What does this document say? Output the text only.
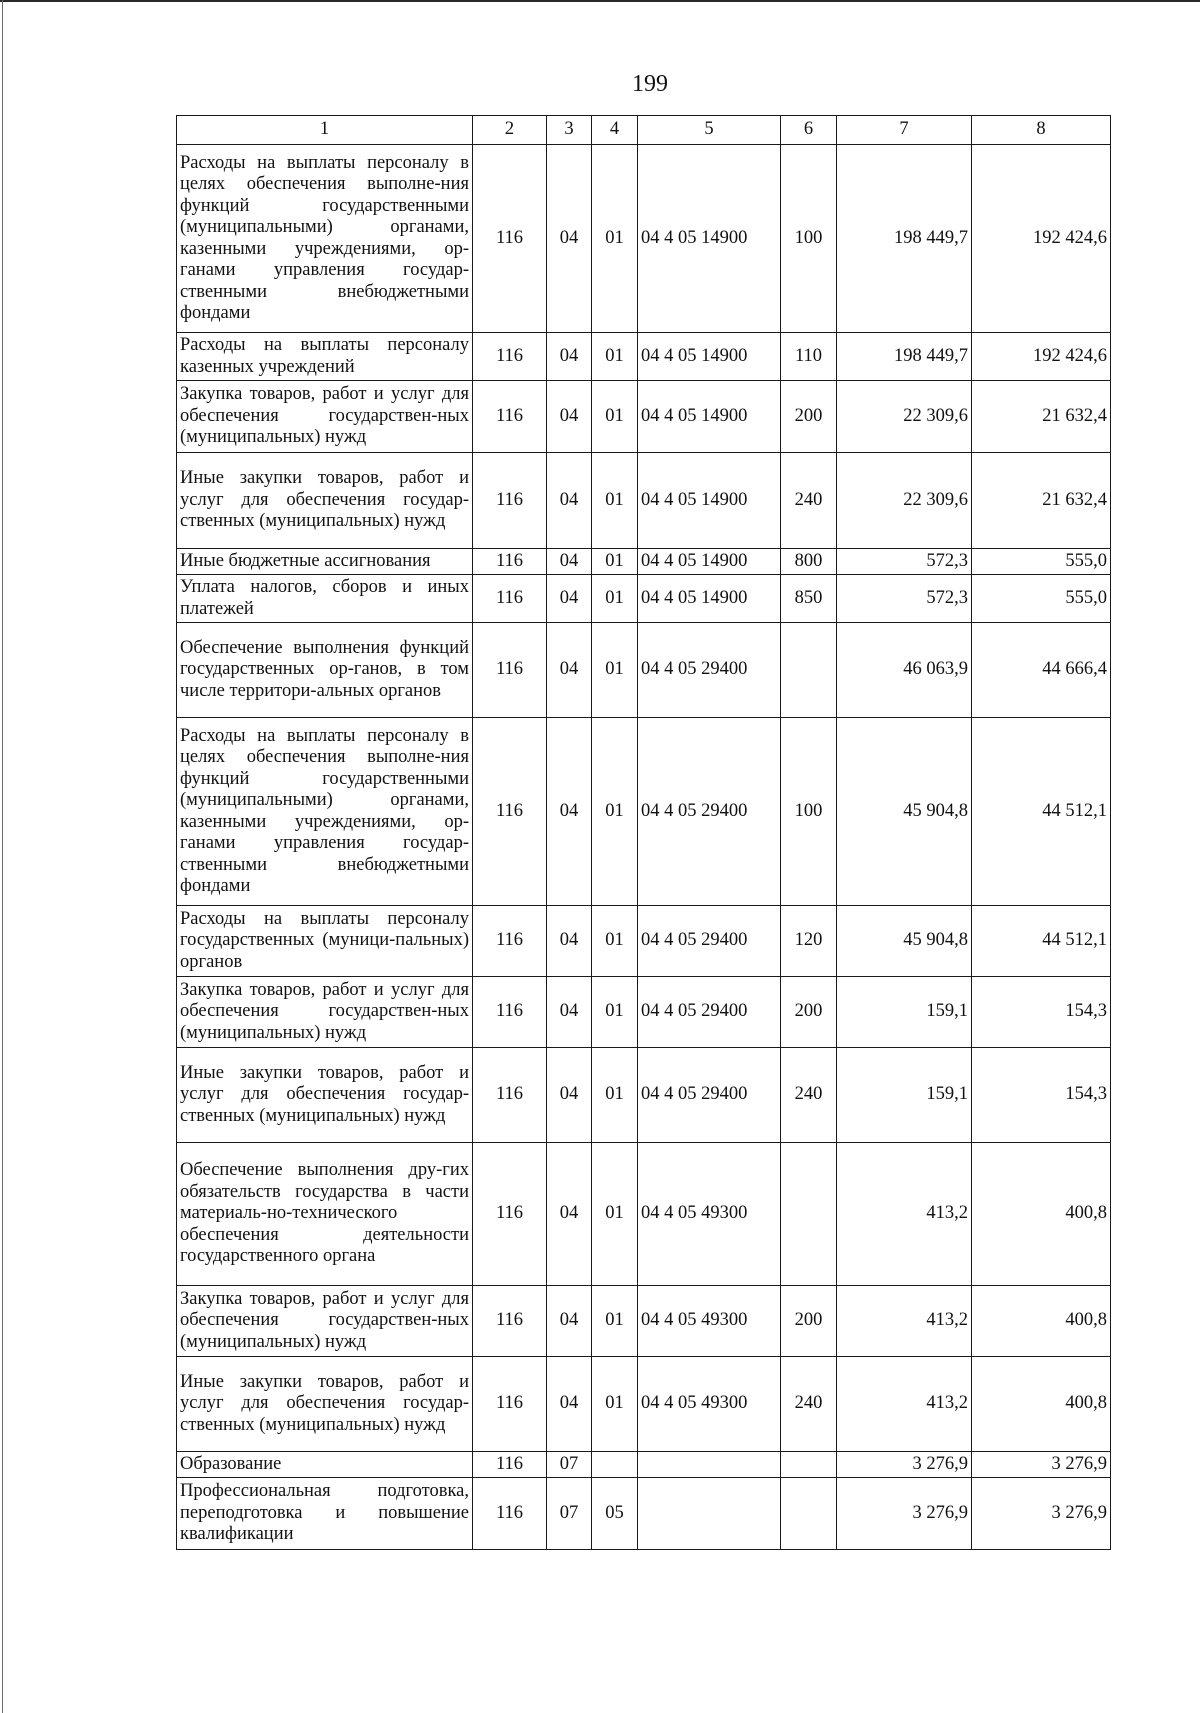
199
1	2	3	4	5	6	7	8
Расходы на выплаты персоналу в целях обеспечения выполне-ния функций государственными (муниципальными) органами, казенными учреждениями, ор-ганами управления государ-ственными внебюджетными фондами	116	04	01	04 4 05 14900	100	198 449,7	192 424,6
Расходы на выплаты персоналу казенных учреждений	116	04	01	04 4 05 14900	110	198 449,7	192 424,6
Закупка товаров, работ и услуг для обеспечения государствен-ных (муниципальных) нужд	116	04	01	04 4 05 14900	200	22 309,6	21 632,4
Иные закупки товаров, работ и услуг для обеспечения государ-ственных (муниципальных) нужд	116	04	01	04 4 05 14900	240	22 309,6	21 632,4
Иные бюджетные ассигнования	116	04	01	04 4 05 14900	800	572,3	555,0
Уплата налогов, сборов и иных платежей	116	04	01	04 4 05 14900	850	572,3	555,0
Обеспечение выполнения функций государственных ор-ганов, в том числе территори-альных органов	116	04	01	04 4 05 29400		46 063,9	44 666,4
Расходы на выплаты персоналу в целях обеспечения выполне-ния функций государственными (муниципальными) органами, казенными учреждениями, ор-ганами управления государ-ственными внебюджетными фондами	116	04	01	04 4 05 29400	100	45 904,8	44 512,1
Расходы на выплаты персоналу государственных (муници-пальных) органов	116	04	01	04 4 05 29400	120	45 904,8	44 512,1
Закупка товаров, работ и услуг для обеспечения государствен-ных (муниципальных) нужд	116	04	01	04 4 05 29400	200	159,1	154,3
Иные закупки товаров, работ и услуг для обеспечения государ-ственных (муниципальных) нужд	116	04	01	04 4 05 29400	240	159,1	154,3
Обеспечение выполнения дру-гих обязательств государства в части материаль-но-технического обеспечения деятельности государственного органа	116	04	01	04 4 05 49300		413,2	400,8
Закупка товаров, работ и услуг для обеспечения государствен-ных (муниципальных) нужд	116	04	01	04 4 05 49300	200	413,2	400,8
Иные закупки товаров, работ и услуг для обеспечения государ-ственных (муниципальных) нужд	116	04	01	04 4 05 49300	240	413,2	400,8
Образование	116	07				3 276,9	3 276,9
Профессиональная подготовка, переподготовка и повышение квалификации	116	07	05			3 276,9	3 276,9
